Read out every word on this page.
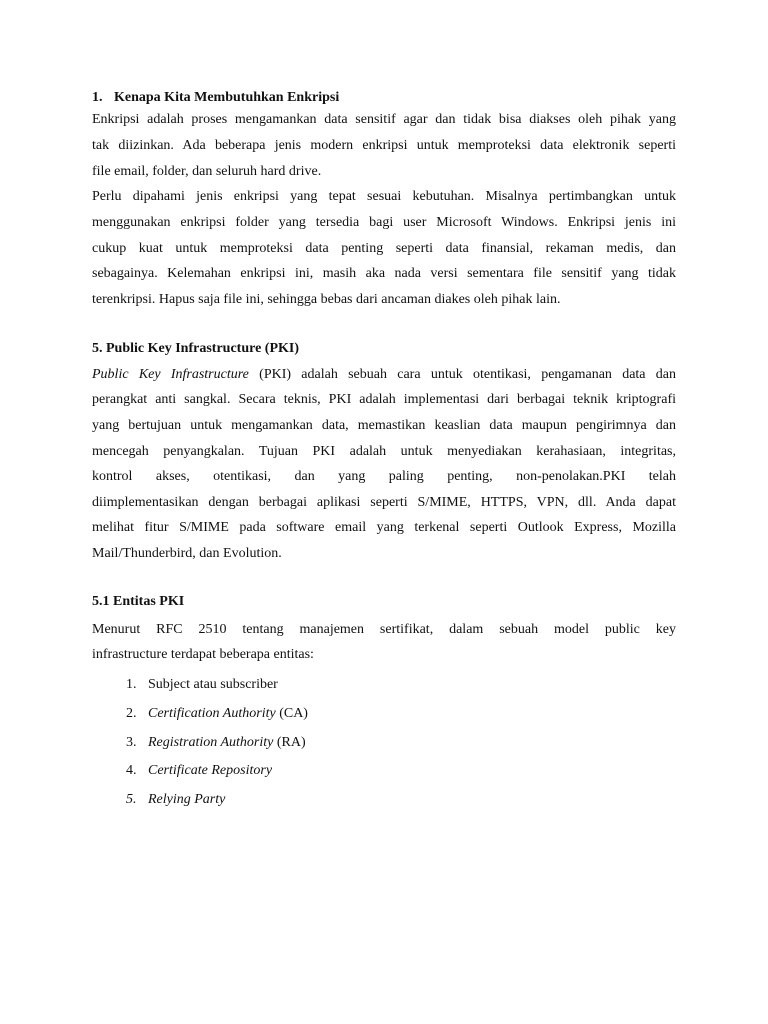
1. Kenapa Kita Membutuhkan Enkripsi
Enkripsi adalah proses mengamankan data sensitif agar dan tidak bisa diakses oleh pihak yang
tak diizinkan. Ada beberapa jenis modern enkripsi untuk memproteksi data elektronik seperti
file email, folder, dan seluruh hard drive.
Perlu dipahami jenis enkripsi yang tepat sesuai kebutuhan. Misalnya pertimbangkan untuk
menggunakan enkripsi folder yang tersedia bagi user Microsoft Windows. Enkripsi jenis ini
cukup kuat untuk memproteksi data penting seperti data finansial, rekaman medis, dan
sebagainya. Kelemahan enkripsi ini, masih aka nada versi sementara file sensitif yang tidak
terenkripsi. Hapus saja file ini, sehingga bebas dari ancaman diakes oleh pihak lain.
5. Public Key Infrastructure (PKI)
Public Key Infrastructure (PKI) adalah sebuah cara untuk otentikasi, pengamanan data dan
perangkat anti sangkal. Secara teknis, PKI adalah implementasi dari berbagai teknik kriptografi
yang bertujuan untuk mengamankan data, memastikan keaslian data maupun pengirimnya dan
mencegah penyangkalan. Tujuan PKI adalah untuk menyediakan kerahasiaan, integritas,
kontrol akses, otentikasi, dan yang paling penting, non-penolakan.PKI telah
diimplementasikan dengan berbagai aplikasi seperti S/MIME, HTTPS, VPN, dll. Anda dapat
melihat fitur S/MIME pada software email yang terkenal seperti Outlook Express, Mozilla
Mail/Thunderbird, dan Evolution.
5.1 Entitas PKI
Menurut RFC 2510 tentang manajemen sertifikat, dalam sebuah model public key
infrastructure terdapat beberapa entitas:
1. Subject atau subscriber
2. Certification Authority (CA)
3. Registration Authority (RA)
4. Certificate Repository
5. Relying Party
